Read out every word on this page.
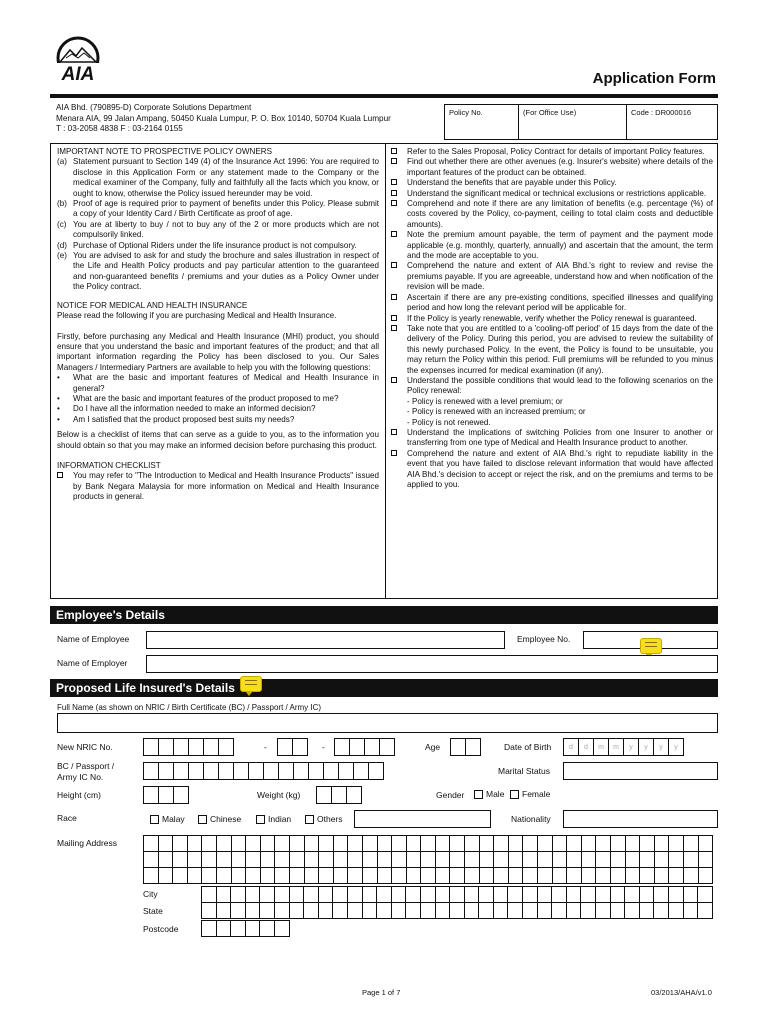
AIA	Application Form
AIA Bhd. (790895-D) Corporate Solutions Department
Menara AIA, 99 Jalan Ampang, 50450 Kuala Lumpur, P. O. Box 10140, 50704 Kuala Lumpur
T : 03-2058 4838 F : 03-2164 0155
Policy No.	(For Office Use)	Code : DR000016

IMPORTANT NOTE TO PROSPECTIVE POLICY OWNERS

(a) Statement pursuant to Section 149 (4) of the Insurance Act 1996: You are required to disclose in this Application Form or any statement made to the Company or the medical examiner of the Company, fully and faithfully all the facts which you know, or ought to know, otherwise the Policy issued hereunder may be void.
(b) Proof of age is required prior to payment of benefits under this Policy. Please submit a copy of your Identity Card / Birth Certificate as proof of age.
(c) You are at liberty to buy / not to buy any of the 2 or more products which are not compulsorily linked.
(d) Purchase of Optional Riders under the life insurance product is not compulsory.
(e) You are advised to ask for and study the brochure and sales illustration in respect of the Life and Health Policy products and pay particular attention to the guaranteed and non-guaranteed benefits / premiums and your duties as a Policy Owner under the Policy contract.

NOTICE FOR MEDICAL AND HEALTH INSURANCE

Please read the following if you are purchasing Medical and Health Insurance.

Firstly, before purchasing any Medical and Health Insurance (MHI) product, you should ensure that you understand the basic and important features of the product; and that all important information regarding the Policy has been disclosed to you. Our Sales Managers / Intermediary Partners are available to help you with the following questions:

•	What are the basic and important features of Medical and Health Insurance in general?
•	What are the basic and important features of the product proposed to me?
•	Do I have all the information needed to make an informed decision?
•	Am I satisfied that the product proposed best suits my needs?

Below is a checklist of items that can serve as a guide to you, as to the information you should obtain so that you may make an informed decision before purchasing this product.

INFORMATION CHECKLIST

You may refer to "The Introduction to Medical and Health Insurance Products" issued by Bank Negara Malaysia for more information on Medical and Health Insurance products in general.
Refer to the Sales Proposal, Policy Contract for details of important Policy features.
Find out whether there are other avenues (e.g. Insurer's website) where details of the important features of the product can be obtained.
Understand the benefits that are payable under this Policy.
Understand the significant medical or technical exclusions or restrictions applicable.
Comprehend and note if there are any limitation of benefits (e.g. percentage (%) of costs covered by the Policy, co-payment, ceiling to total claim costs and deductible amounts).
Note the premium amount payable, the term of payment and the payment mode applicable (e.g. monthly, quarterly, annually) and ascertain that the amount, the term and the mode are acceptable to you.
Comprehend the nature and extent of AIA Bhd.'s right to review and revise the premiums payable. If you are agreeable, understand how and when notification of the revision will be made.
Ascertain if there are any pre-existing conditions, specified illnesses and qualifying period and how long the relevant period will be applicable for.
If the Policy is yearly renewable, verify whether the Policy renewal is guaranteed.
Take note that you are entitled to a 'cooling-off period' of 15 days from the date of the delivery of the Policy. During this period, you are advised to review the suitability of this newly purchased Policy. In the event, the Policy is found to be unsuitable, you may return the Policy within this period. Full premiums will be refunded to you minus the expenses incurred for medical examination (if any).
Understand the possible conditions that would lead to the following scenarios on the Policy renewal:
- Policy is renewed with a level premium; or
- Policy is renewed with an increased premium; or
- Policy is not renewed.
Understand the implications of switching Policies from one Insurer to another or transferring from one type of Medical and Health Insurance product to another.
Comprehend the nature and extent of AIA Bhd.'s right to repudiate liability in the event that you have failed to disclose relevant information that would have affected AIA Bhd.'s decision to accept or reject the risk, and on the premiums and terms to be applied to you.
Employee's Details
Name of Employee	Employee No.
Name of Employer
Proposed Life Insured's Details
Full Name (as shown on NRIC / Birth Certificate (BC) / Passport / Army IC)
New NRIC No.	-	-	Age	Date of Birth	d	d	m	m	y	y	y	y
BC / Passport /
Army IC No.
Marital Status
Height (cm)	Weight (kg)	Gender	Male	Female
Race	Malay	Chinese	Indian	Others	Nationality
Mailing Address

City
State
Postcode
Page 1 of 7	03/2013/AHA/v1.0
